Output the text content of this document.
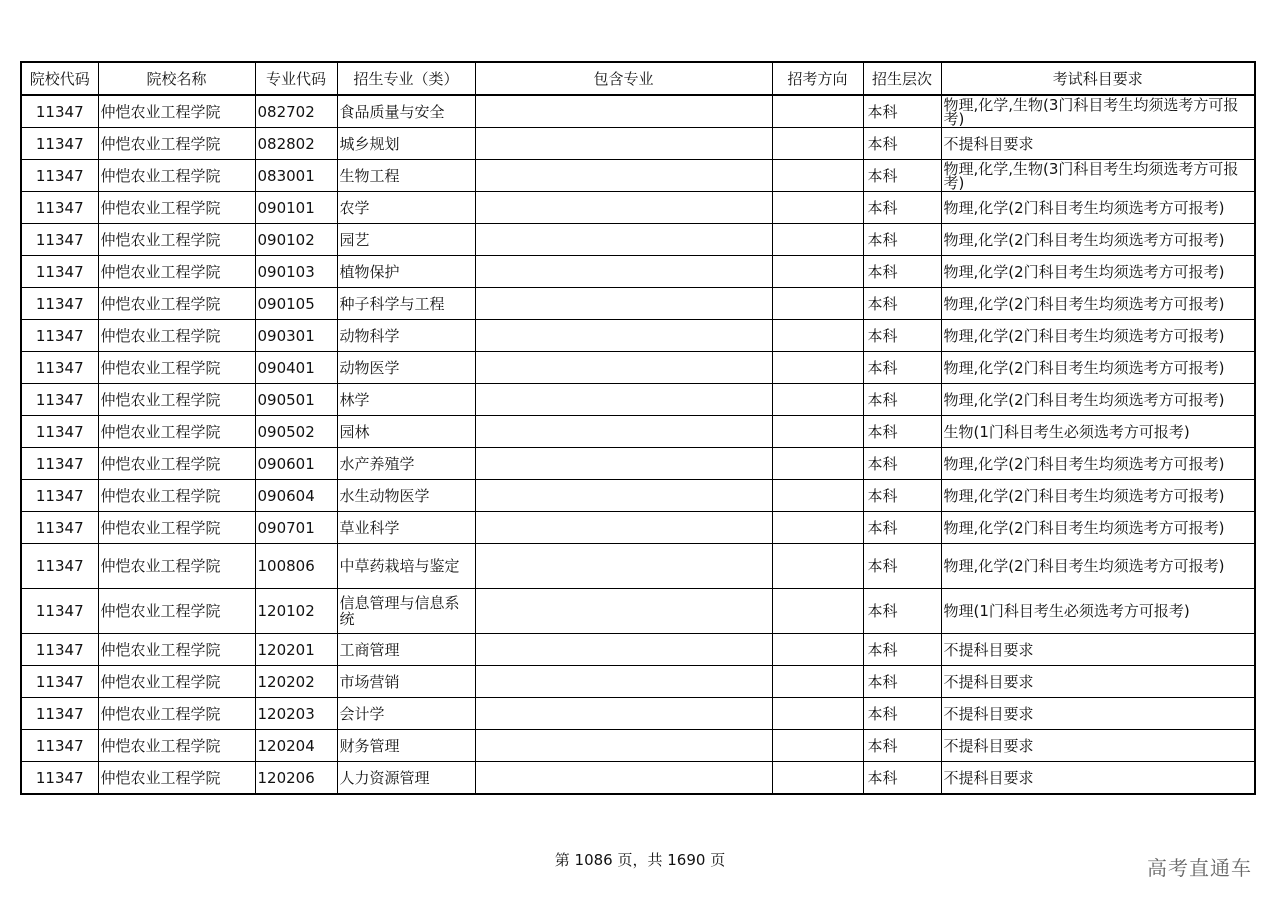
院校代码	院校名称	专业代码	招生专业（类）	包含专业	招考方向	招生层次	考试科目要求
11347	仲恺农业工程学院	082702	食品质量与安全			本科	物理,化学,生物(3门科目考生均须选考方可报考)
11347	仲恺农业工程学院	082802	城乡规划			本科	不提科目要求
11347	仲恺农业工程学院	083001	生物工程			本科	物理,化学,生物(3门科目考生均须选考方可报考)
11347	仲恺农业工程学院	090101	农学			本科	物理,化学(2门科目考生均须选考方可报考)
11347	仲恺农业工程学院	090102	园艺			本科	物理,化学(2门科目考生均须选考方可报考)
11347	仲恺农业工程学院	090103	植物保护			本科	物理,化学(2门科目考生均须选考方可报考)
11347	仲恺农业工程学院	090105	种子科学与工程			本科	物理,化学(2门科目考生均须选考方可报考)
11347	仲恺农业工程学院	090301	动物科学			本科	物理,化学(2门科目考生均须选考方可报考)
11347	仲恺农业工程学院	090401	动物医学			本科	物理,化学(2门科目考生均须选考方可报考)
11347	仲恺农业工程学院	090501	林学			本科	物理,化学(2门科目考生均须选考方可报考)
11347	仲恺农业工程学院	090502	园林			本科	生物(1门科目考生必须选考方可报考)
11347	仲恺农业工程学院	090601	水产养殖学			本科	物理,化学(2门科目考生均须选考方可报考)
11347	仲恺农业工程学院	090604	水生动物医学			本科	物理,化学(2门科目考生均须选考方可报考)
11347	仲恺农业工程学院	090701	草业科学			本科	物理,化学(2门科目考生均须选考方可报考)
11347	仲恺农业工程学院	100806	中草药栽培与鉴定			本科	物理,化学(2门科目考生均须选考方可报考)
11347	仲恺农业工程学院	120102	信息管理与信息系统			本科	物理(1门科目考生必须选考方可报考)
11347	仲恺农业工程学院	120201	工商管理			本科	不提科目要求
11347	仲恺农业工程学院	120202	市场营销			本科	不提科目要求
11347	仲恺农业工程学院	120203	会计学			本科	不提科目要求
11347	仲恺农业工程学院	120204	财务管理			本科	不提科目要求
11347	仲恺农业工程学院	120206	人力资源管理			本科	不提科目要求
第 1086 页，共 1690 页	高考直通车
